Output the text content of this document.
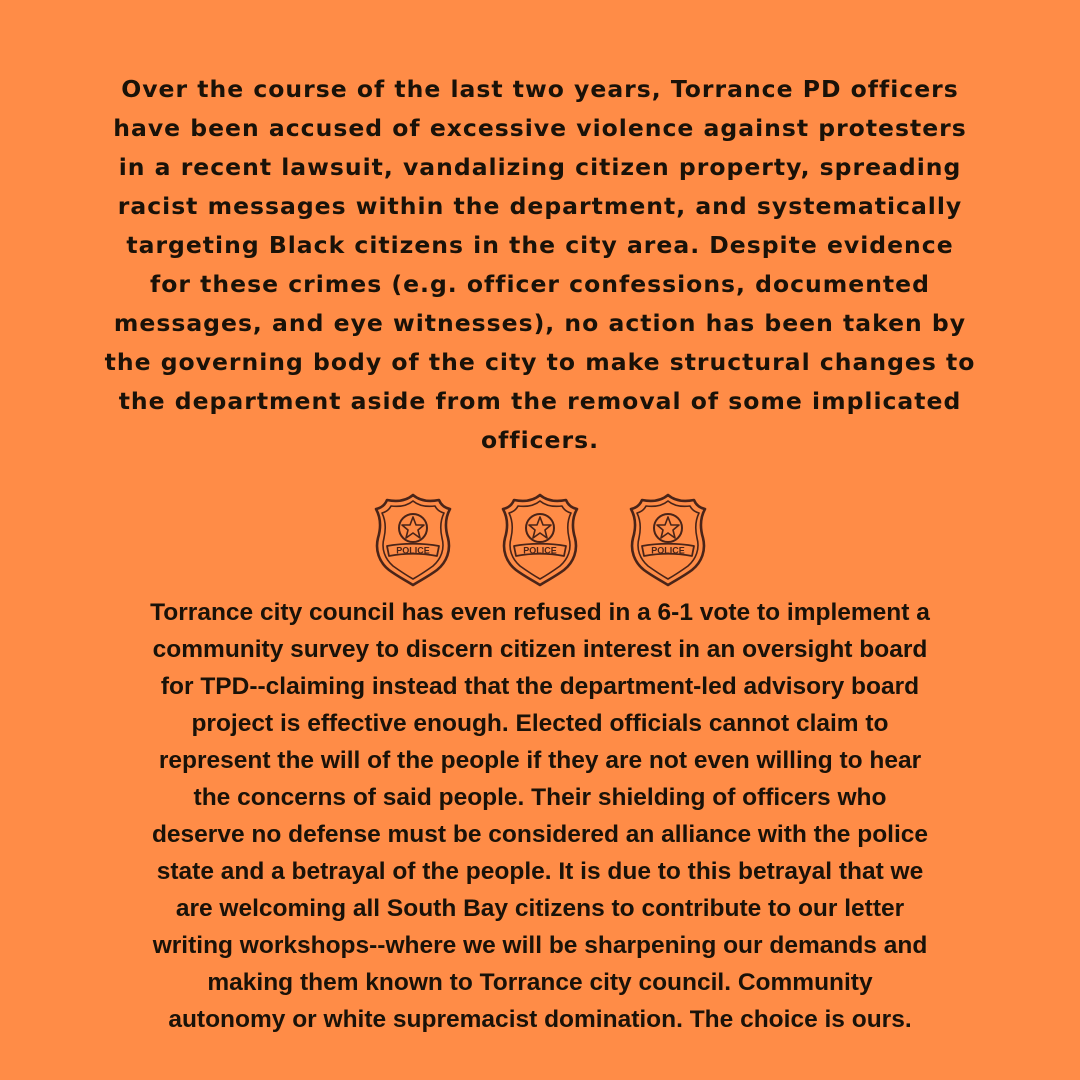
Over the course of the last two years, Torrance PD officers
have been accused of excessive violence against protesters
in a recent lawsuit, vandalizing citizen property, spreading
racist messages within the department, and systematically
targeting Black citizens in the city area. Despite evidence
for these crimes (e.g. officer confessions, documented
messages, and eye witnesses), no action has been taken by
the governing body of the city to make structural changes to
the department aside from the removal of some implicated
officers.

POLICE	POLICE	POLICE

Torrance city council has even refused in a 6-1 vote to implement a
community survey to discern citizen interest in an oversight board
for TPD--claiming instead that the department-led advisory board
project is effective enough. Elected officials cannot claim to
represent the will of the people if they are not even willing to hear
the concerns of said people. Their shielding of officers who
deserve no defense must be considered an alliance with the police
state and a betrayal of the people. It is due to this betrayal that we
are welcoming all South Bay citizens to contribute to our letter
writing workshops--where we will be sharpening our demands and
making them known to Torrance city council. Community
autonomy or white supremacist domination. The choice is ours.
